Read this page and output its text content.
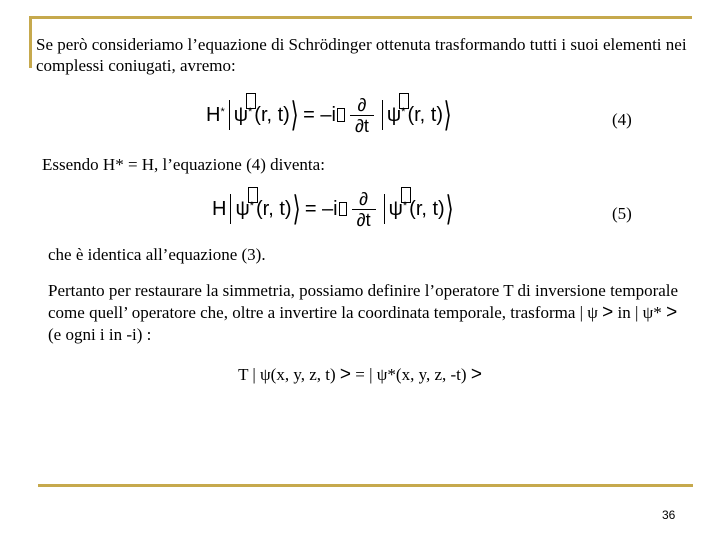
Se però consideriamo l’equazione di Schrödinger ottenuta trasformando tutti i suoi elementi nei complessi coniugati, avremo:

H * ψ * (r, t) ⟩ = $-i \frac{\partial}{\partial t}$ ψ * (r, t) ⟩	(4)

Essendo H* = H, l’equazione (4) diventa:

H ψ * (r, t) ⟩ = $-i \frac{\partial}{\partial t}$ ψ * (r, t) ⟩	(5)

che è identica all’equazione (3).

Pertanto per restaurare la simmetria, possiamo definire l’operatore T di inversione temporale come quell’ operatore che, oltre a invertire la coordinata temporale, trasforma | ψ > in | ψ* > (e ogni i in -i) :

T | ψ(x, y, z, t) > = | ψ*(x, y, z, -t) >
36
